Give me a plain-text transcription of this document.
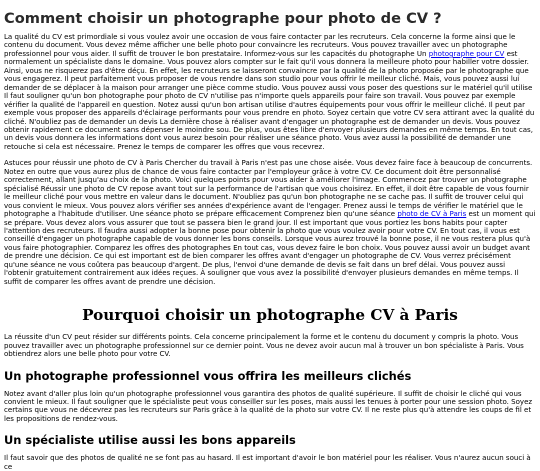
Comment choisir un photographe pour photo de CV ?

La qualité du CV est primordiale si vous voulez avoir une occasion de vous faire contacter par les recruteurs. Cela concerne la forme ainsi que le contenu du document. Vous devez même afficher une belle photo pour convaincre les recruteurs. Vous pouvez travailler avec un photographe professionnel pour vous aider. Il suffit de trouver le bon prestataire. Informez-vous sur les capacités du photographe Un photographe pour CV est normalement un spécialiste dans le domaine. Vous pouvez alors compter sur le fait qu'il vous donnera la meilleure photo pour habiller votre dossier. Ainsi, vous ne risquerez pas d'être déçu. En effet, les recruteurs se laisseront convaincre par la qualité de la photo proposée par le photographe que vous engagerez. Il peut parfaitement vous proposer de vous rendre dans son studio pour vous offrir le meilleur cliché. Mais, vous pouvez aussi lui demander de se déplacer à la maison pour arranger une pièce comme studio. Vous pouvez aussi vous poser des questions sur le matériel qu'il utilise Il faut souligner qu'un bon photographe pour photo de CV n'utilise pas n'importe quels appareils pour faire son travail. Vous pouvez par exemple vérifier la qualité de l'appareil en question. Notez aussi qu'un bon artisan utilise d'autres équipements pour vous offrir le meilleur cliché. Il peut par exemple vous proposer des appareils d'éclairage performants pour vous prendre en photo. Soyez certain que votre CV sera attirant avec la qualité du cliché. N'oubliez pas de demander un devis La dernière chose à réaliser avant d'engager un photographe est de demander un devis. Vous pouvez obtenir rapidement ce document sans dépenser le moindre sou. De plus, vous êtes libre d'envoyer plusieurs demandes en même temps. En tout cas, un devis vous donnera les informations dont vous aurez besoin pour réaliser une séance photo. Vous avez aussi la possibilité de demander une retouche si cela est nécessaire. Prenez le temps de comparer les offres que vous recevrez.

Astuces pour réussir une photo de CV à Paris Chercher du travail à Paris n'est pas une chose aisée. Vous devez faire face à beaucoup de concurrents. Notez en outre que vous aurez plus de chance de vous faire contacter par l'employeur grâce à votre CV. Ce document doit être personnalisé correctement, allant jusqu'au choix de la photo. Voici quelques points pour vous aider à améliorer l'image. Commencez par trouver un photographe spécialisé Réussir une photo de CV repose avant tout sur la performance de l'artisan que vous choisirez. En effet, il doit être capable de vous fournir le meilleur cliché pour vous mettre en valeur dans le document. N'oubliez pas qu'un bon photographe ne se cache pas. Il suffit de trouver celui qui vous convient le mieux. Vous pouvez alors vérifier ses années d'expérience avant de l'engager. Prenez aussi le temps de vérifier le matériel que le photographe a l'habitude d'utiliser. Une séance photo se prépare efficacement Comprenez bien qu'une séance photo de CV à Paris est un moment qui se prépare. Vous devez alors vous assurer que tout se passera bien le grand jour. Il est important que vous portiez les bons habits pour capter l'attention des recruteurs. Il faudra aussi adopter la bonne pose pour obtenir la photo que vous voulez avoir pour votre CV. En tout cas, il vous est conseillé d'engager un photographe capable de vous donner les bons conseils. Lorsque vous aurez trouvé la bonne pose, il ne vous restera plus qu'à vous faire photographier. Comparez les offres des photographes En tout cas, vous devez faire le bon choix. Vous pouvez aussi avoir un budget avant de prendre une décision. Ce qui est important est de bien comparer les offres avant d'engager un photographe de CV. Vous verrez précisément qu'une séance ne vous coûtera pas beaucoup d'argent. De plus, l'envoi d'une demande de devis se fait dans un bref délai. Vous pouvez aussi l'obtenir gratuitement contrairement aux idées reçues. À souligner que vous avez la possibilité d'envoyer plusieurs demandes en même temps. Il suffit de comparer les offres avant de prendre une décision.

Pourquoi choisir un photographe CV à Paris

La réussite d'un CV peut résider sur différents points. Cela concerne principalement la forme et le contenu du document y compris la photo. Vous pouvez travailler avec un photographe professionnel sur ce dernier point. Vous ne devez avoir aucun mal à trouver un bon spécialiste à Paris. Vous obtiendrez alors une belle photo pour votre CV.

Un photographe professionnel vous offrira les meilleurs clichés

Notez avant d'aller plus loin qu'un photographe professionnel vous garantira des photos de qualité supérieure. Il suffit de choisir le cliché qui vous convient le mieux. Il faut souligner que le spécialiste peut vous conseiller sur les poses, mais aussi les tenues à porter pour une session photo. Soyez certains que vous ne décevrez pas les recruteurs sur Paris grâce à la qualité de la photo sur votre CV. Il ne reste plus qu'à attendre les coups de fil et les propositions de rendez-vous.

Un spécialiste utilise aussi les bons appareils

Il faut savoir que des photos de qualité ne se font pas au hasard. Il est important d'avoir le bon matériel pour les réaliser. Vous n'aurez aucun souci à ce
